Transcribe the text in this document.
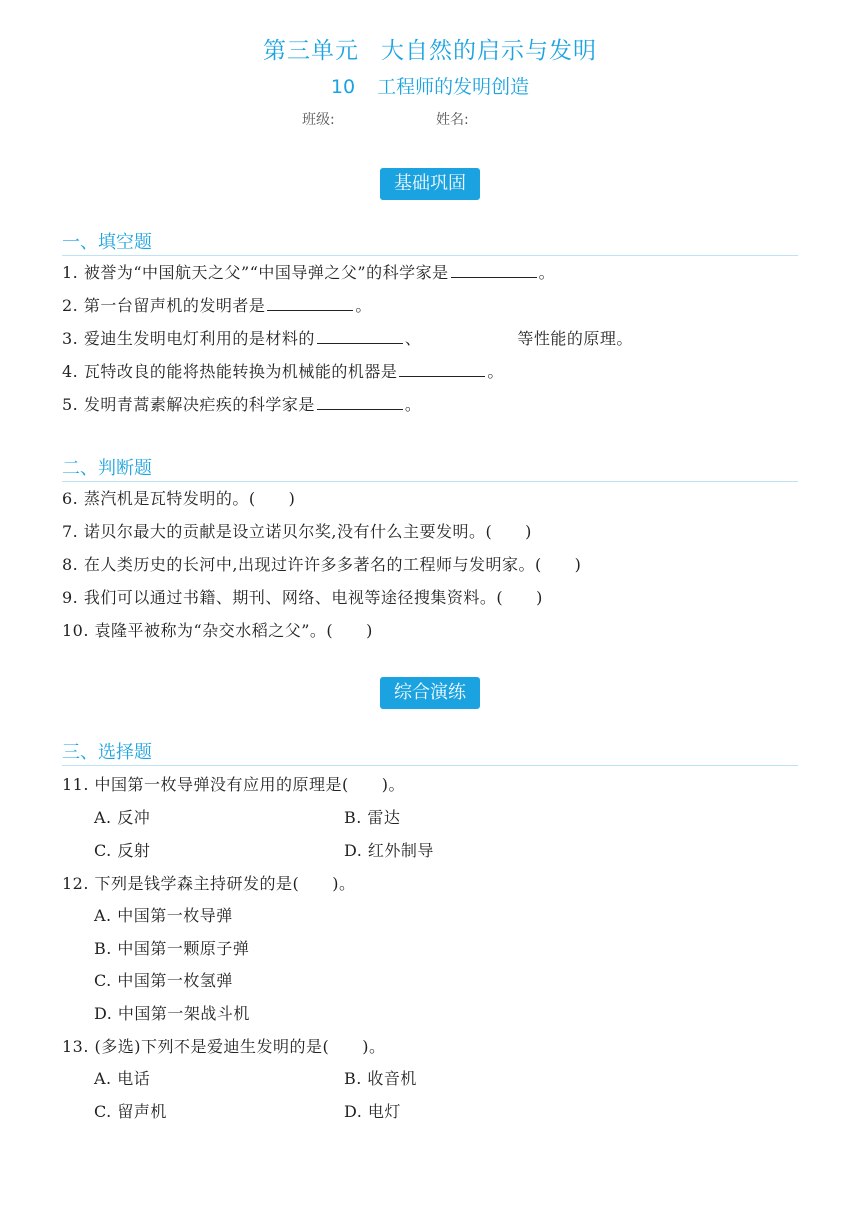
第三单元 大自然的启示与发明
10 工程师的发明创造
班级:	姓名:
基础巩固
一、填空题
1. 被誉为“中国航天之父”“中国导弹之父”的科学家是	。
2. 第一台留声机的发明者是	。
3. 爱迪生发明电灯利用的是材料的	、	等性能的原理。
4. 瓦特改良的能将热能转换为机械能的机器是	。
5. 发明青蒿素解决疟疾的科学家是	。
二、判断题
6. 蒸汽机是瓦特发明的。(　　)
7. 诺贝尔最大的贡献是设立诺贝尔奖,没有什么主要发明。(　　)
8. 在人类历史的长河中,出现过许许多多著名的工程师与发明家。(　　)
9. 我们可以通过书籍、期刊、网络、电视等途径搜集资料。(　　)
10. 袁隆平被称为“杂交水稻之父”。(　　)
综合演练
三、选择题
11. 中国第一枚导弹没有应用的原理是(　　)。
A. 反冲	B. 雷达
C. 反射	D. 红外制导
12. 下列是钱学森主持研发的是(　　)。
A. 中国第一枚导弹
B. 中国第一颗原子弹
C. 中国第一枚氢弹
D. 中国第一架战斗机
13. (多选)下列不是爱迪生发明的是(　　)。
A. 电话	B. 收音机
C. 留声机	D. 电灯
